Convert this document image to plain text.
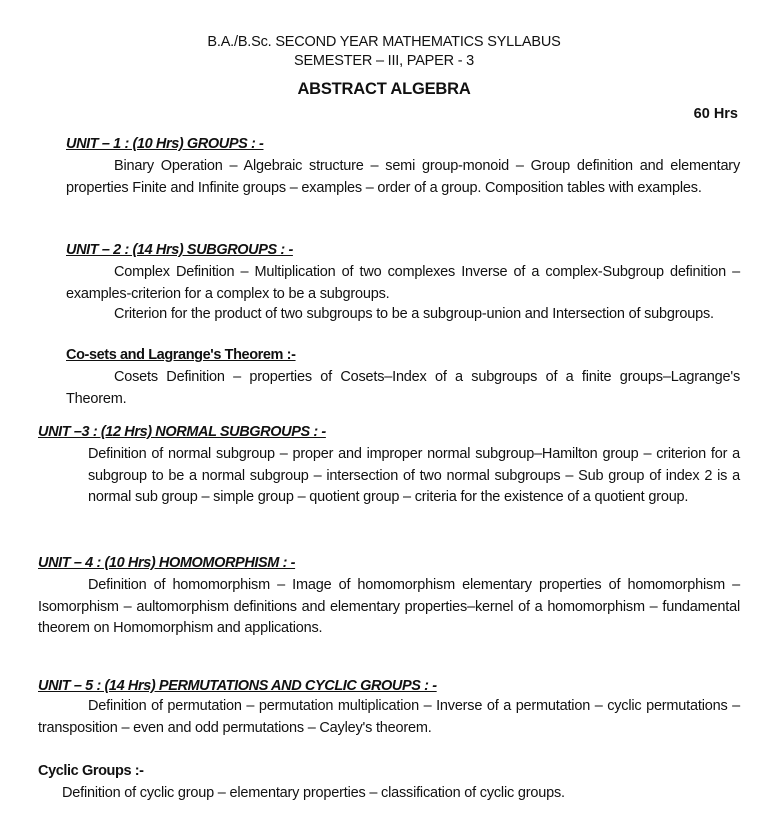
B.A./B.Sc. SECOND YEAR MATHEMATICS SYLLABUS
SEMESTER – III, PAPER - 3
ABSTRACT ALGEBRA
60 Hrs
UNIT – 1 : (10 Hrs) GROUPS : -
Binary Operation – Algebraic structure – semi group-monoid – Group definition and elementary properties Finite and Infinite groups – examples – order of a group. Composition tables with examples.
UNIT – 2 : (14 Hrs) SUBGROUPS : -
Complex Definition – Multiplication of two complexes Inverse of a complex-Subgroup definition – examples-criterion for a complex to be a subgroups.
Criterion for the product of two subgroups to be a subgroup-union and Intersection of subgroups.
Co-sets and Lagrange's Theorem :-
Cosets Definition – properties of Cosets–Index of a subgroups of a finite groups–Lagrange's Theorem.
UNIT –3 : (12 Hrs) NORMAL SUBGROUPS : -
Definition of normal subgroup – proper and improper normal subgroup–Hamilton group – criterion for a subgroup to be a normal subgroup – intersection of two normal subgroups – Sub group of index 2 is a normal sub group – simple group – quotient group – criteria for the existence of a quotient group.
UNIT – 4 : (10 Hrs) HOMOMORPHISM : -
Definition of homomorphism – Image of homomorphism elementary properties of homomorphism – Isomorphism – aultomorphism definitions and elementary properties–kernel of a homomorphism – fundamental theorem on Homomorphism and applications.
UNIT – 5 : (14 Hrs) PERMUTATIONS AND CYCLIC GROUPS : -
Definition of permutation – permutation multiplication – Inverse of a permutation – cyclic permutations – transposition – even and odd permutations – Cayley's theorem.
Cyclic Groups :-
Definition of cyclic group – elementary properties – classification of cyclic groups.
